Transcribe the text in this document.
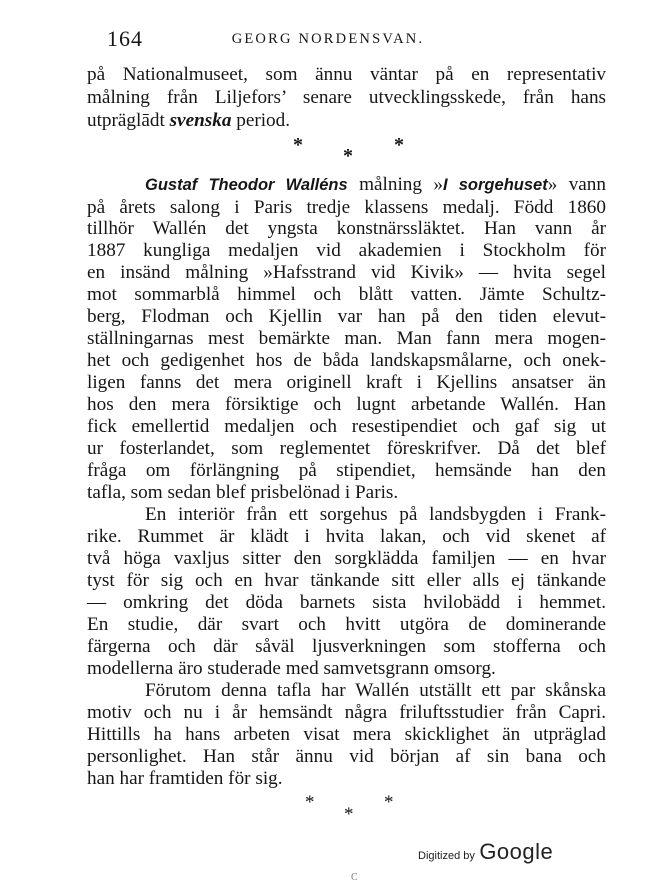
164	GEORG NORDENSVAN.
på Nationalmuseet, som ännu väntar på en representativ
målning från Liljefors’ senare utvecklingsskede, från hans
utpräglādt svenska period.
* * *
Gustaf Theodor Walléns målning »I sorgehuset» vann
på årets salong i Paris tredje klassens medalj. Född 1860
tillhör Wallén det yngsta konstnärssläktet. Han vann år
1887 kungliga medaljen vid akademien i Stockholm för
en insänd målning »Hafsstrand vid Kivik» — hvita segel
mot sommarblå himmel och blått vatten. Jämte Schultz-
berg, Flodman och Kjellin var han på den tiden elevut-
ställningarnas mest bemärkte man. Man fann mera mogen-
het och gedigenhet hos de båda landskapsmålarne, och onek-
ligen fanns det mera originell kraft i Kjellins ansatser än
hos den mera försiktige och lugnt arbetande Wallén. Han
fick emellertid medaljen och resestipendiet och gaf sig ut
ur fosterlandet, som reglementet föreskrifver. Då det blef
fråga om förlängning på stipendiet, hemsände han den
tafla, som sedan blef prisbelönad i Paris.
En interiör från ett sorgehus på landsbygden i Frank-
rike. Rummet är klädt i hvita lakan, och vid skenet af
två höga vaxljus sitter den sorgklädda familjen — en hvar
tyst för sig och en hvar tänkande sitt eller alls ej tänkande
— omkring det döda barnets sista hvilobädd i hemmet.
En studie, där svart och hvitt utgöra de dominerande
färgerna och där såväl ljusverkningen som stofferna och
modellerna äro studerade med samvetsgrann omsorg.
Förutom denna tafla har Wallén utställt ett par skånska
motiv och nu i år hemsändt några friluftsstudier från Capri.
Hittills ha hans arbeten visat mera skicklighet än utpräglad
personlighet. Han står ännu vid början af sin bana och
han har framtiden för sig.
*
*
*
Digitized by Google
C
